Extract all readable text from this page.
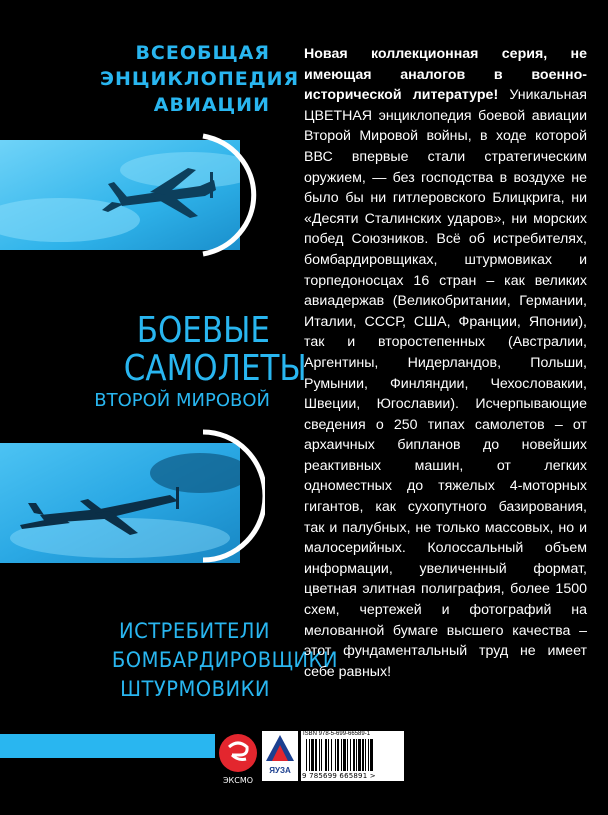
ВСЕОБЩАЯ
ЭНЦИКЛОПЕДИЯ
АВИАЦИИ
БОЕВЫЕ
САМОЛЕТЫ
ВТОРОЙ МИРОВОЙ
ИСТРЕБИТЕЛИ
БОМБАРДИРОВЩИКИ
ШТУРМОВИКИ
Новая коллекционная серия, не имеющая аналогов в военно-исторической литературе! Уникальная ЦВЕТНАЯ энциклопедия боевой авиации Второй Мировой войны, в ходе которой ВВС впервые стали стратегическим оружием, — без господства в воздухе не было бы ни гитлеровского Блицкрига, ни «Десяти Сталинских ударов», ни морских побед Союзников. Всё об истребителях, бомбардировщиках, штурмовиках и торпедоносцах 16 стран – как великих авиадержав (Великобритании, Германии, Италии, СССР, США, Франции, Японии), так и второстепенных (Австралии, Аргентины, Нидерландов, Польши, Румынии, Финляндии, Чехословакии, Швеции, Югославии). Исчерпывающие сведения о 250 типах самолетов – от архаичных бипланов до новейших реактивных машин, от легких одноместных до тяжелых 4-моторных гигантов, как сухопутного базирования, так и палубных, не только массовых, но и малосерийных. Колоссальный объем информации, увеличенный формат, цветная элитная полиграфия, более 1500 схем, чертежей и фотографий на мелованной бумаге высшего качества – этот фундаментальный труд не имеет себе равных!
ЭКСМО
ЯУЗА
ISBN 978-5-699-66589-1
9 785699 665891 >
